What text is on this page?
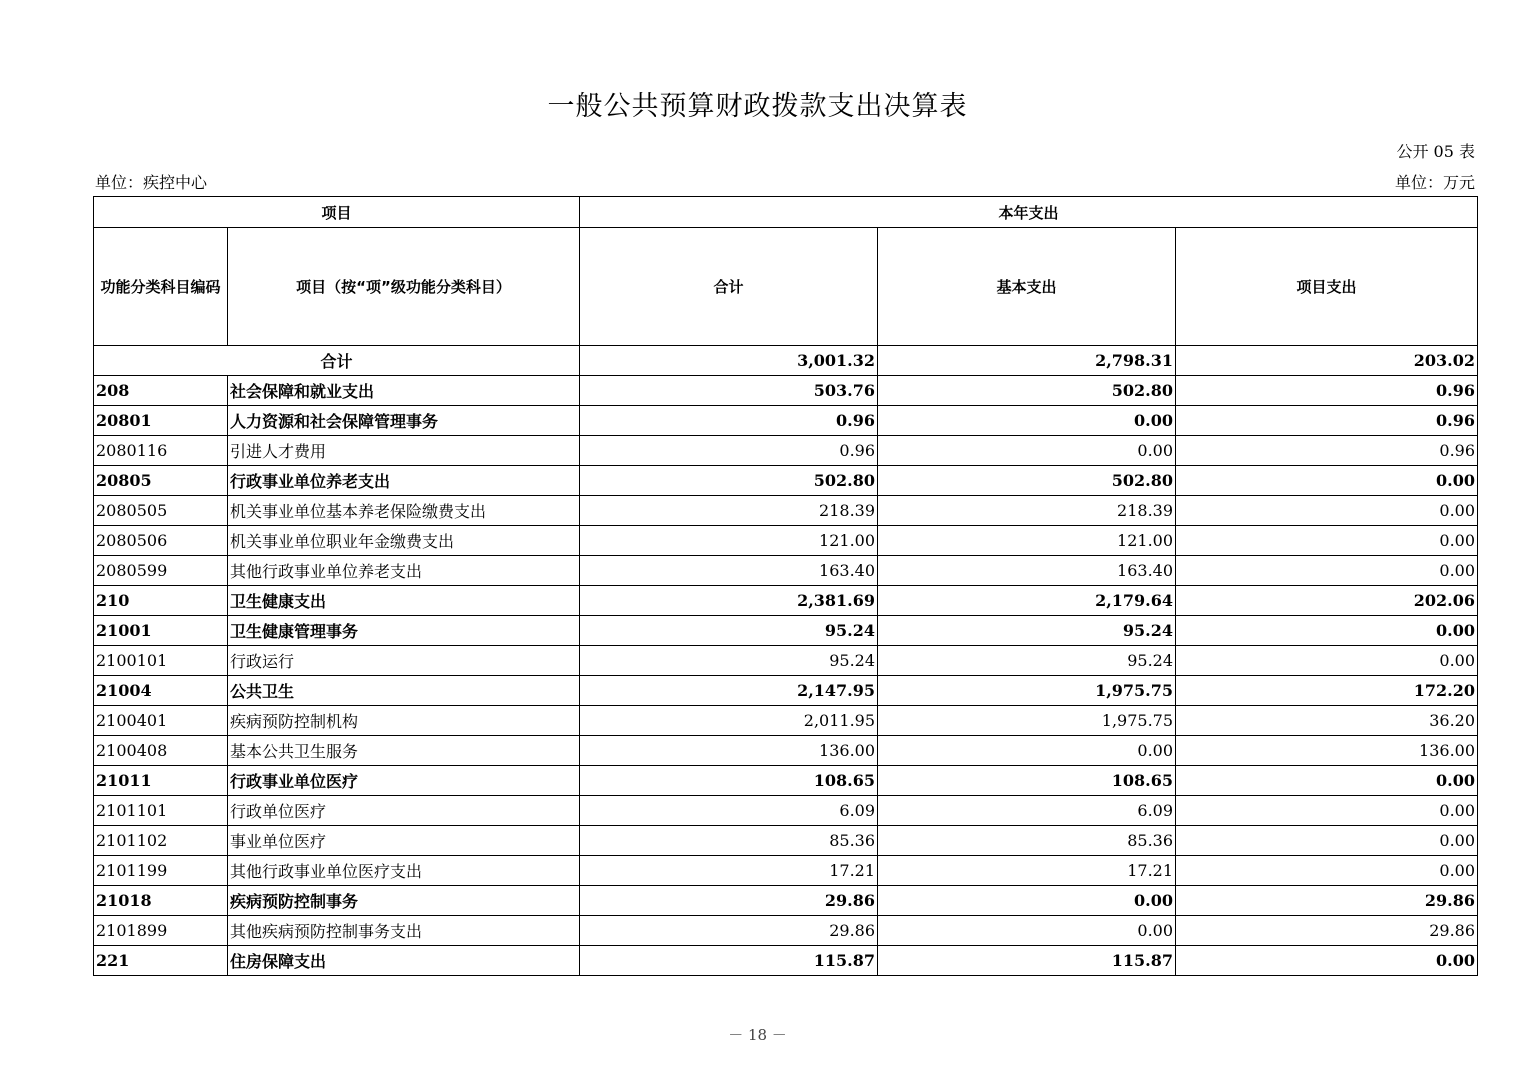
一般公共预算财政拨款支出决算表
公开 05 表
单位：疾控中心	单位：万元
项目		本年支出		
功能分类科目编码	项目（按“项”级功能分类科目）	合计	基本支出	项目支出
合计		3,001.32	2,798.31	203.02
208	社会保障和就业支出	503.76	502.80	0.96
20801	人力资源和社会保障管理事务	0.96	0.00	0.96
2080116	引进人才费用	0.96	0.00	0.96
20805	行政事业单位养老支出	502.80	502.80	0.00
2080505	机关事业单位基本养老保险缴费支出	218.39	218.39	0.00
2080506	机关事业单位职业年金缴费支出	121.00	121.00	0.00
2080599	其他行政事业单位养老支出	163.40	163.40	0.00
210	卫生健康支出	2,381.69	2,179.64	202.06
21001	卫生健康管理事务	95.24	95.24	0.00
2100101	行政运行	95.24	95.24	0.00
21004	公共卫生	2,147.95	1,975.75	172.20
2100401	疾病预防控制机构	2,011.95	1,975.75	36.20
2100408	基本公共卫生服务	136.00	0.00	136.00
21011	行政事业单位医疗	108.65	108.65	0.00
2101101	行政单位医疗	6.09	6.09	0.00
2101102	事业单位医疗	85.36	85.36	0.00
2101199	其他行政事业单位医疗支出	17.21	17.21	0.00
21018	疾病预防控制事务	29.86	0.00	29.86
2101899	其他疾病预防控制事务支出	29.86	0.00	29.86
221	住房保障支出	115.87	115.87	0.00
－ 18 －
